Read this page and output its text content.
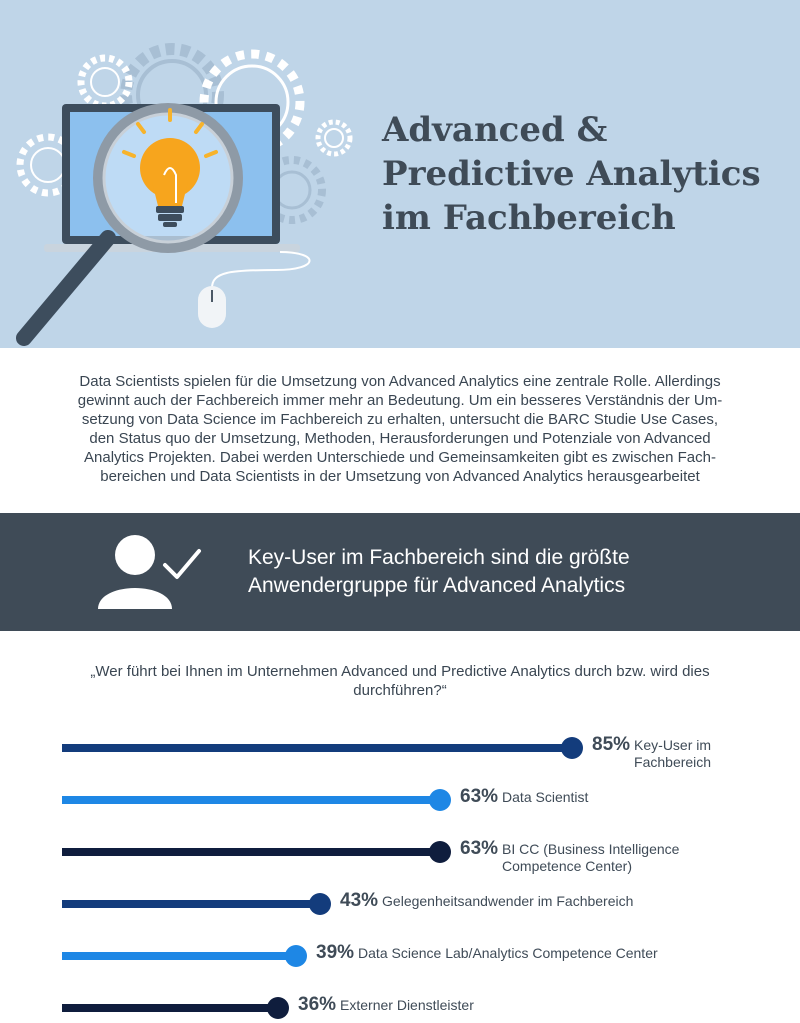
Advanced &
Predictive Analytics
im Fachbereich

Data Scientists spielen für die Umsetzung von Advanced Analytics eine zentrale Rolle. Allerdings
gewinnt auch der Fachbereich immer mehr an Bedeutung. Um ein besseres Verständnis der Um-
setzung von Data Science im Fachbereich zu erhalten, untersucht die BARC Studie Use Cases,
den Status quo der Umsetzung, Methoden, Herausforderungen und Potenziale von Advanced
Analytics Projekten. Dabei werden Unterschiede und Gemeinsamkeiten gibt es zwischen Fach-
bereichen und Data Scientists in der Umsetzung von Advanced Analytics herausgearbeitet

Key-User im Fachbereich sind die größte
Anwendergruppe für Advanced Analytics

„Wer führt bei Ihnen im Unternehmen Advanced und Predictive Analytics durch bzw. wird dies
durchführen?“

85% Key-User im
Fachbereich
63% Data Scientist
63% BI CC (Business Intelligence
Competence Center)
43% Gelegenheitsandwender im Fachbereich
39% Data Science Lab/Analytics Competence Center
36% Externer Dienstleister
